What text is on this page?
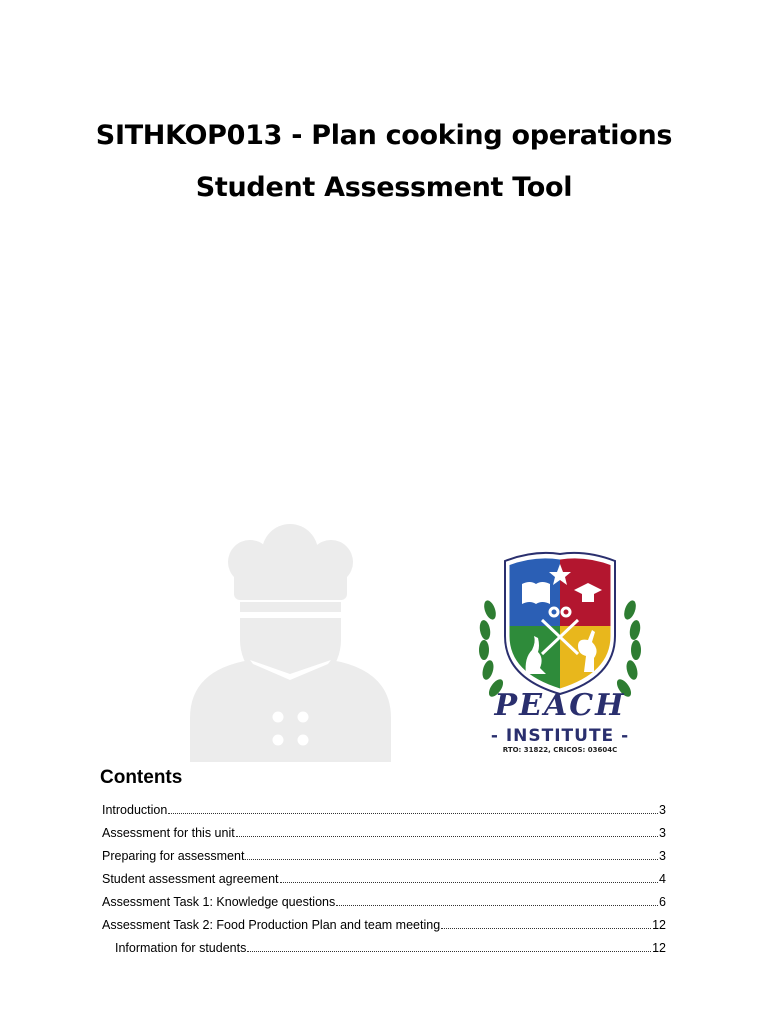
SITHKOP013 - Plan cooking operations
Student Assessment Tool
PEACH
- INSTITUTE -
RTO: 31822, CRICOS: 03604C
Contents
Introduction	3
Assessment for this unit	3
Preparing for assessment	3
Student assessment agreement	4
Assessment Task 1: Knowledge questions	6
Assessment Task 2: Food Production Plan and team meeting	12
Information for students	12
